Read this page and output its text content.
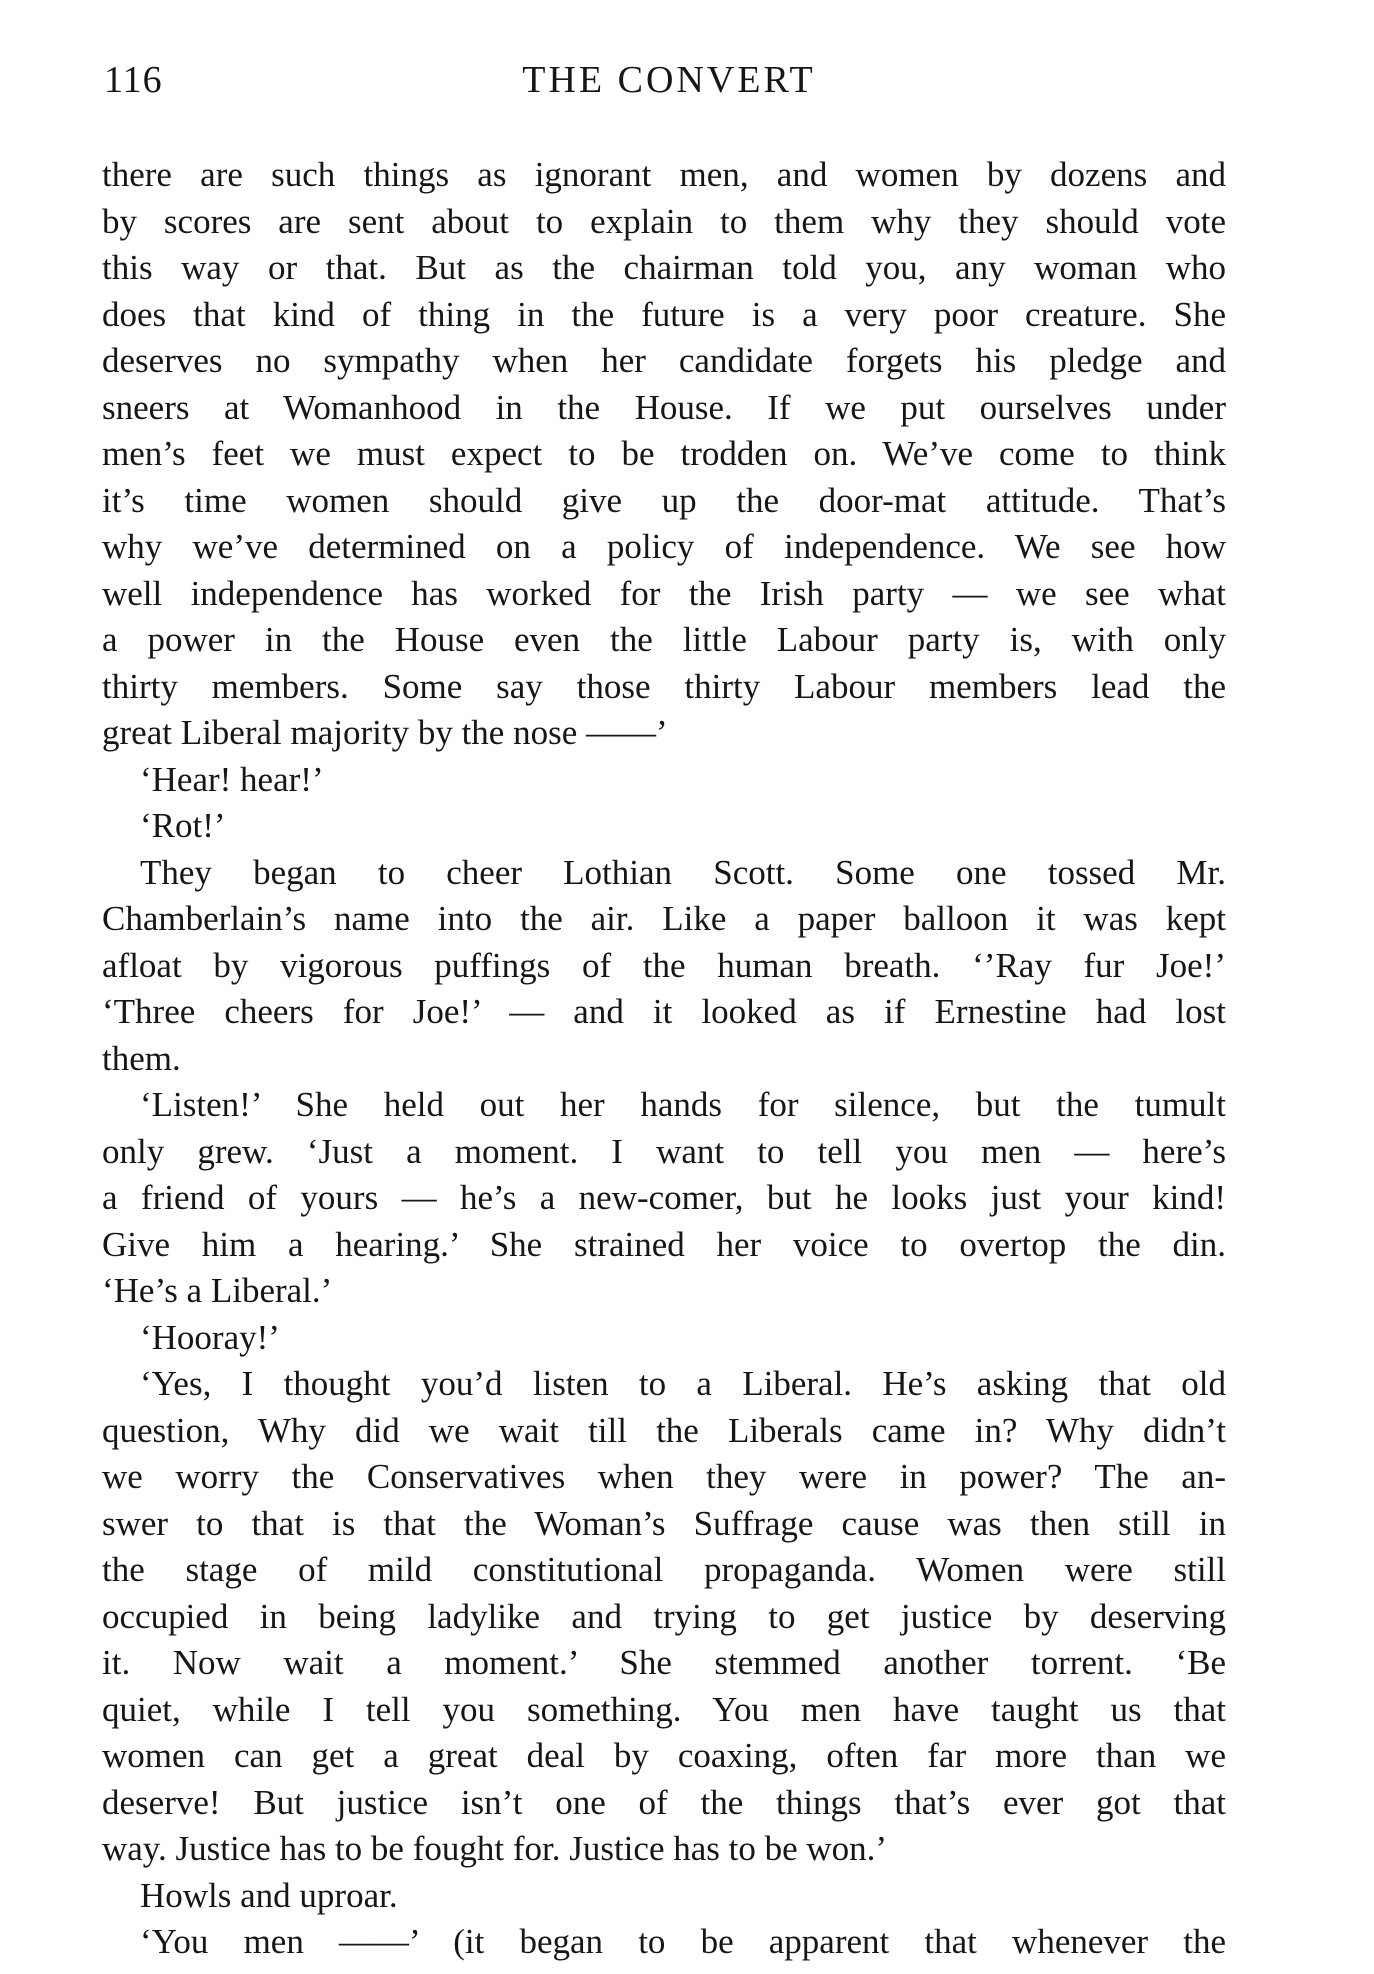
116	THE CONVERT
there are such things as ignorant men, and women by dozens and
by scores are sent about to explain to them why they should vote
this way or that. But as the chairman told you, any woman who
does that kind of thing in the future is a very poor creature. She
deserves no sympathy when her candidate forgets his pledge and
sneers at Womanhood in the House. If we put ourselves under
men’s feet we must expect to be trodden on. We’ve come to think
it’s time women should give up the door-mat attitude. That’s
why we’ve determined on a policy of independence. We see how
well independence has worked for the Irish party — we see what
a power in the House even the little Labour party is, with only
thirty members. Some say those thirty Labour members lead the
great Liberal majority by the nose ——’
‘Hear! hear!’
‘Rot!’
They began to cheer Lothian Scott. Some one tossed Mr.
Chamberlain’s name into the air. Like a paper balloon it was kept
afloat by vigorous puffings of the human breath. ‘’Ray fur Joe!’
‘Three cheers for Joe!’ — and it looked as if Ernestine had lost
them.
‘Listen!’ She held out her hands for silence, but the tumult
only grew. ‘Just a moment. I want to tell you men — here’s
a friend of yours — he’s a new-comer, but he looks just your kind!
Give him a hearing.’ She strained her voice to overtop the din.
‘He’s a Liberal.’
‘Hooray!’
‘Yes, I thought you’d listen to a Liberal. He’s asking that old
question, Why did we wait till the Liberals came in? Why didn’t
we worry the Conservatives when they were in power? The an-
swer to that is that the Woman’s Suffrage cause was then still in
the stage of mild constitutional propaganda. Women were still
occupied in being ladylike and trying to get justice by deserving
it. Now wait a moment.’ She stemmed another torrent. ‘Be
quiet, while I tell you something. You men have taught us that
women can get a great deal by coaxing, often far more than we
deserve! But justice isn’t one of the things that’s ever got that
way. Justice has to be fought for. Justice has to be won.’
Howls and uproar.
‘You men ——’ (it began to be apparent that whenever the
